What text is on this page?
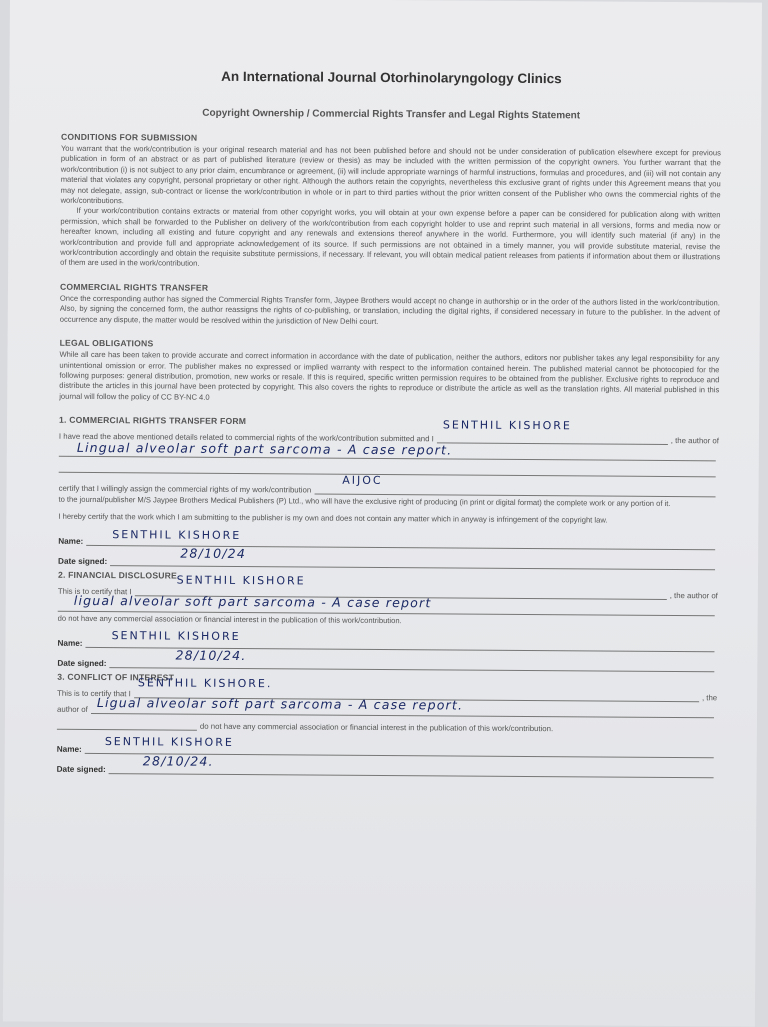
An International Journal Otorhinolaryngology Clinics
Copyright Ownership / Commercial Rights Transfer and Legal Rights Statement
CONDITIONS FOR SUBMISSION
You warrant that the work/contribution is your original research material and has not been published before and should not be under consideration of publication elsewhere except for previous publication in form of an abstract or as part of published literature (review or thesis) as may be included with the written permission of the copyright owners. You further warrant that the work/contribution (i) is not subject to any prior claim, encumbrance or agreement, (ii) will include appropriate warnings of harmful instructions, formulas and procedures, and (iii) will not contain any material that violates any copyright, personal proprietary or other right. Although the authors retain the copyrights, nevertheless this exclusive grant of rights under this Agreement means that you may not delegate, assign, sub-contract or license the work/contribution in whole or in part to third parties without the prior written consent of the Publisher who owns the commercial rights of the work/contributions.
If your work/contribution contains extracts or material from other copyright works, you will obtain at your own expense before a paper can be considered for publication along with written permission, which shall be forwarded to the Publisher on delivery of the work/contribution from each copyright holder to use and reprint such material in all versions, forms and media now or hereafter known, including all existing and future copyright and any renewals and extensions thereof anywhere in the world. Furthermore, you will identify such material (if any) in the work/contribution and provide full and appropriate acknowledgement of its source. If such permissions are not obtained in a timely manner, you will provide substitute material, revise the work/contribution accordingly and obtain the requisite substitute permissions, if necessary. If relevant, you will obtain medical patient releases from patients if information about them or illustrations of them are used in the work/contribution.
COMMERCIAL RIGHTS TRANSFER
Once the corresponding author has signed the Commercial Rights Transfer form, Jaypee Brothers would accept no change in authorship or in the order of the authors listed in the work/contribution. Also, by signing the concerned form, the author reassigns the rights of co-publishing, or translation, including the digital rights, if considered necessary in future to the publisher. In the advent of occurrence any dispute, the matter would be resolved within the jurisdiction of New Delhi court.
LEGAL OBLIGATIONS
While all care has been taken to provide accurate and correct information in accordance with the date of publication, neither the authors, editors nor publisher takes any legal responsibility for any unintentional omission or error. The publisher makes no expressed or implied warranty with respect to the information contained herein. The published material cannot be photocopied for the following purposes: general distribution, promotion, new works or resale. If this is required, specific written permission requires to be obtained from the publisher. Exclusive rights to reproduce and distribute the articles in this journal have been protected by copyright. This also covers the rights to reproduce or distribute the article as well as the translation rights. All material published in this journal will follow the policy of CC BY-NC 4.0
1. COMMERCIAL RIGHTS TRANSFER FORM
I have read the above mentioned details related to commercial rights of the work/contribution submitted and I
SENTHIL KISHORE
, the author of
Lingual alveolar soft part sarcoma - A case report.
certify that I willingly assign the commercial rights of my work/contribution
AIJOC
to the journal/publisher M/S Jaypee Brothers Medical Publishers (P) Ltd., who will have the exclusive right of producing (in print or digital format) the complete work or any portion of it.
I hereby certify that the work which I am submitting to the publisher is my own and does not contain any matter which in anyway is infringement of the copyright law.
Name:	SENTHIL KISHORE
Date signed:
28/10/24
2. FINANCIAL DISCLOSURE
This is to certify that I
SENTHIL KISHORE
, the author of
ligual alveolar soft part sarcoma - A case report
do not have any commercial association or financial interest in the publication of this work/contribution.
Name:
SENTHIL KISHORE
Date signed:
28/10/24.
3. CONFLICT OF INTEREST
This is to certify that I
SENTHIL KISHORE.
, the
author of Ligual alveolar soft part sarcoma - A case report.
do not have any commercial association or financial interest in the publication of this work/contribution.
Name:
SENTHIL KISHORE
Date signed:
28/10/24.
